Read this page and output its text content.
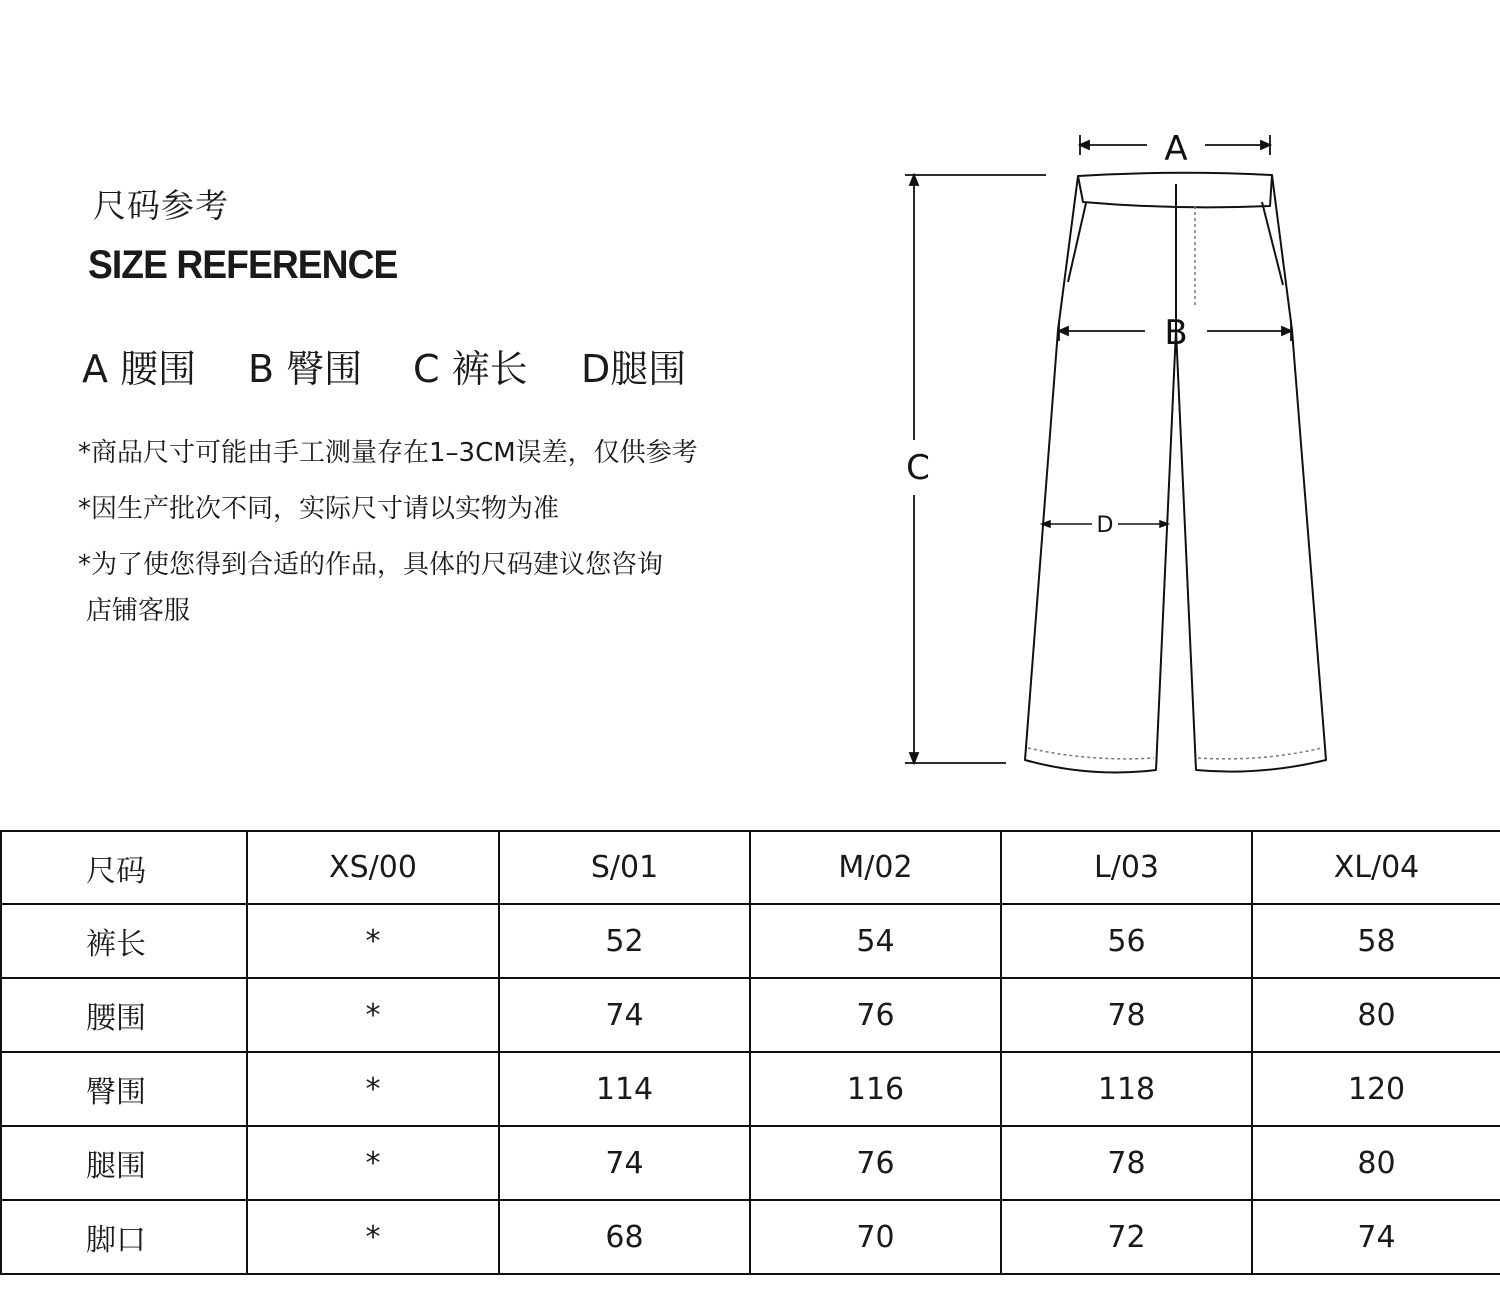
尺码参考
SIZE REFERENCE
A 腰围 B 臀围 C 裤长 D腿围
*商品尺寸可能由手工测量存在1–3CM误差，仅供参考
*因生产批次不同，实际尺寸请以实物为准
*为了使您得到合适的作品，具体的尺码建议您咨询
店铺客服
A
B
C
D
尺码	XS/00	S/01	M/02	L/03	XL/04
裤长	*	52	54	56	58
腰围	*	74	76	78	80
臀围	*	114	116	118	120
腿围	*	74	76	78	80
脚口	*	68	70	72	74
